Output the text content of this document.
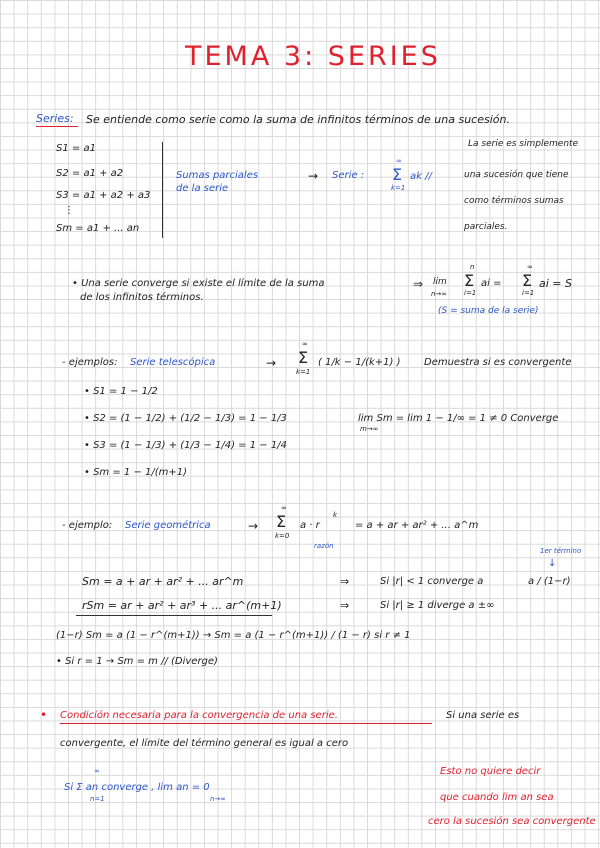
TEMA 3: SERIES
Series: Se entiende como serie como la suma de infinitos términos de una sucesión.
S1 = a1
S2 = a1 + a2
S3 = a1 + a2 + a3
⋮
Sm = a1 + ... an
Sumas parciales
de la serie
→ Serie :
∞
Σ
k=1
ak //
La serie es simplemente
una sucesión que tiene
como términos sumas
parciales.
• Una serie converge si existe el límite de la suma
de los infinitos términos.
⇒ lim
n→∞
n
Σ
i=1
ai =
∞
Σ
i=1
ai = S
(S = suma de la serie)
- ejemplos: Serie telescópica	→
∞
Σ
k=1
( 1/k − 1/(k+1) ) Demuestra si es convergente
• S1 = 1 − 1/2
• S2 = (1 − 1/2) + (1/2 − 1/3) = 1 − 1/3
• S3 = (1 − 1/3) + (1/3 − 1/4) = 1 − 1/4
• Sm = 1 − 1/(m+1)
lim Sm = lim 1 − 1/∞ = 1 ≠ 0 Converge
m→∞
- ejemplo: Serie geométrica	→
∞
Σ
k=0
a · r
k
razón
= a + ar + ar² + ... a^m
1er término
↓
Sm = a + ar + ar² + ... ar^m
rSm = ar + ar² + ar³ + ... ar^(m+1)
⇒	Si |r| < 1 converge a	a / (1−r)
⇒	Si |r| ≥ 1 diverge a ±∞
(1−r) Sm = a (1 − r^(m+1)) → Sm = a (1 − r^(m+1)) / (1 − r) si r ≠ 1
• Si r = 1 → Sm = m // (Diverge)
• Condición necesaria para la convergencia de una serie.	Si una serie es
convergente, el límite del término general es igual a cero
∞
Si Σ an converge , lim an = 0
n=1	n→∞
Esto no quiere decir
que cuando lim an sea
cero la sucesión sea convergente
